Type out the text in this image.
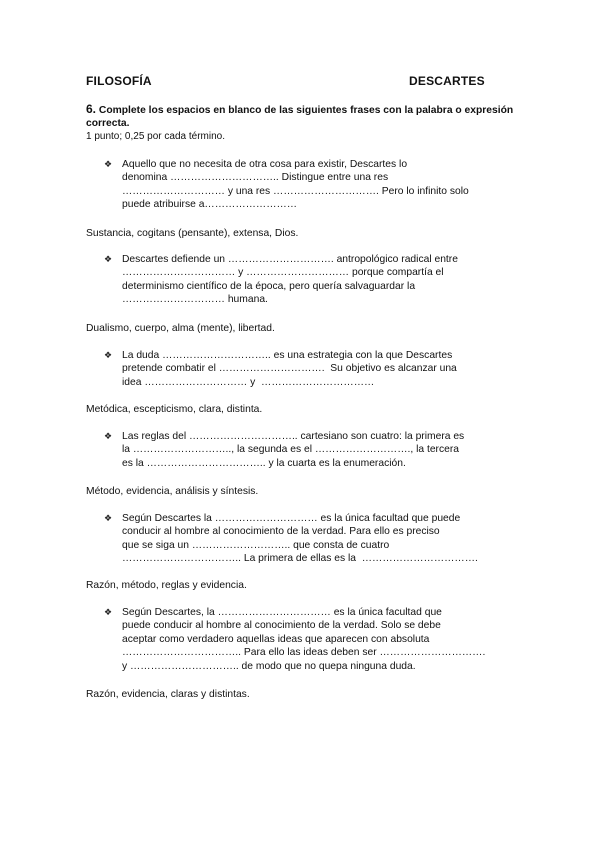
FILOSOFÍA	DESCARTES
6. Complete los espacios en blanco de las siguientes frases con la palabra o expresión correcta.
1 punto; 0,25 por cada término.
❖ Aquello que no necesita de otra cosa para existir, Descartes lo
denomina ………………………….. Distingue entre una res
………………………… y una res …………………………. Pero lo infinito solo
puede atribuirse a………………………
Sustancia, cogitans (pensante), extensa, Dios.
❖ Descartes defiende un …………………………. antropológico radical entre
…………………………… y ………………………… porque compartía el
determinismo científico de la época, pero quería salvaguardar la
………………………… humana.
Dualismo, cuerpo, alma (mente), libertad.
❖ La duda ………………………….. es una estrategia con la que Descartes
pretende combatir el ………………………….  Su objetivo es alcanzar una
idea ………………………… y  ……………………………
Metódica, escepticismo, clara, distinta.
❖ Las reglas del ………………………….. cartesiano son cuatro: la primera es
la ……………………….., la segunda es el ………………………., la tercera
es la …………………………….. y la cuarta es la enumeración.
Método, evidencia, análisis y síntesis.
❖ Según Descartes la ………………………… es la única facultad que puede
conducir al hombre al conocimiento de la verdad. Para ello es preciso
que se siga un ……………………….. que consta de cuatro
…………………………….. La primera de ellas es la  …………………………….
Razón, método, reglas y evidencia.
❖ Según Descartes, la …………………………… es la única facultad que
puede conducir al hombre al conocimiento de la verdad. Solo se debe
aceptar como verdadero aquellas ideas que aparecen con absoluta
…………………………….. Para ello las ideas deben ser ………………………….
y ………………………….. de modo que no quepa ninguna duda.
Razón, evidencia, claras y distintas.
